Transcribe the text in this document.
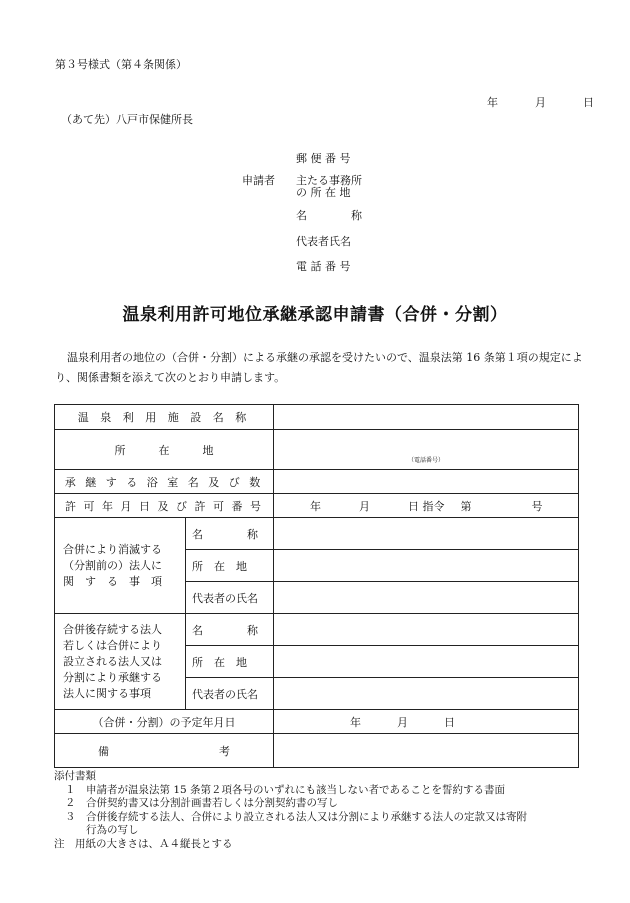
第３号様式（第４条関係）
年	月	日
（あて先）八戸市保健所長
申請者
郵 便 番 号
主たる事務所
の 所 在 地
名　　　　称
代表者氏名
電 話 番 号
温泉利用許可地位承継承認申請書（合併・分割）
温泉利用者の地位の（合併・分割）による承継の承認を受けたいので、温泉法第 16 条第１項の規定により、関係書類を添えて次のとおり申請します。
温 泉 利 用 施 設 名 称		
所　　　在　　　地		（電話番号）
承 継 す る 浴 室 名 及 び 数		
許 可 年 月 日 及 び 許 可 番 号		年 月 日 指令 第 号

合併により消滅する
（分割前の）法人に
関　す　る　事　項	名　　　　称	
	所　在　地	
	代表者の氏名	

合併後存続する法人
若しくは合併により
設立される法人又は
分割により承継する
法人に関する事項	名　　　　称	
	所　在　地	
	代表者の氏名	
（合併・分割）の予定年月日		年 月 日
備　　　　　　　　　　考		
添付書類
１　申請者が温泉法第 15 条第２項各号のいずれにも該当しない者であることを誓約する書面
２　合併契約書又は分割計画書若しくは分割契約書の写し
３　合併後存続する法人、合併により設立される法人又は分割により承継する法人の定款又は寄附
行為の写し
注　用紙の大きさは、Ａ４縦長とする
